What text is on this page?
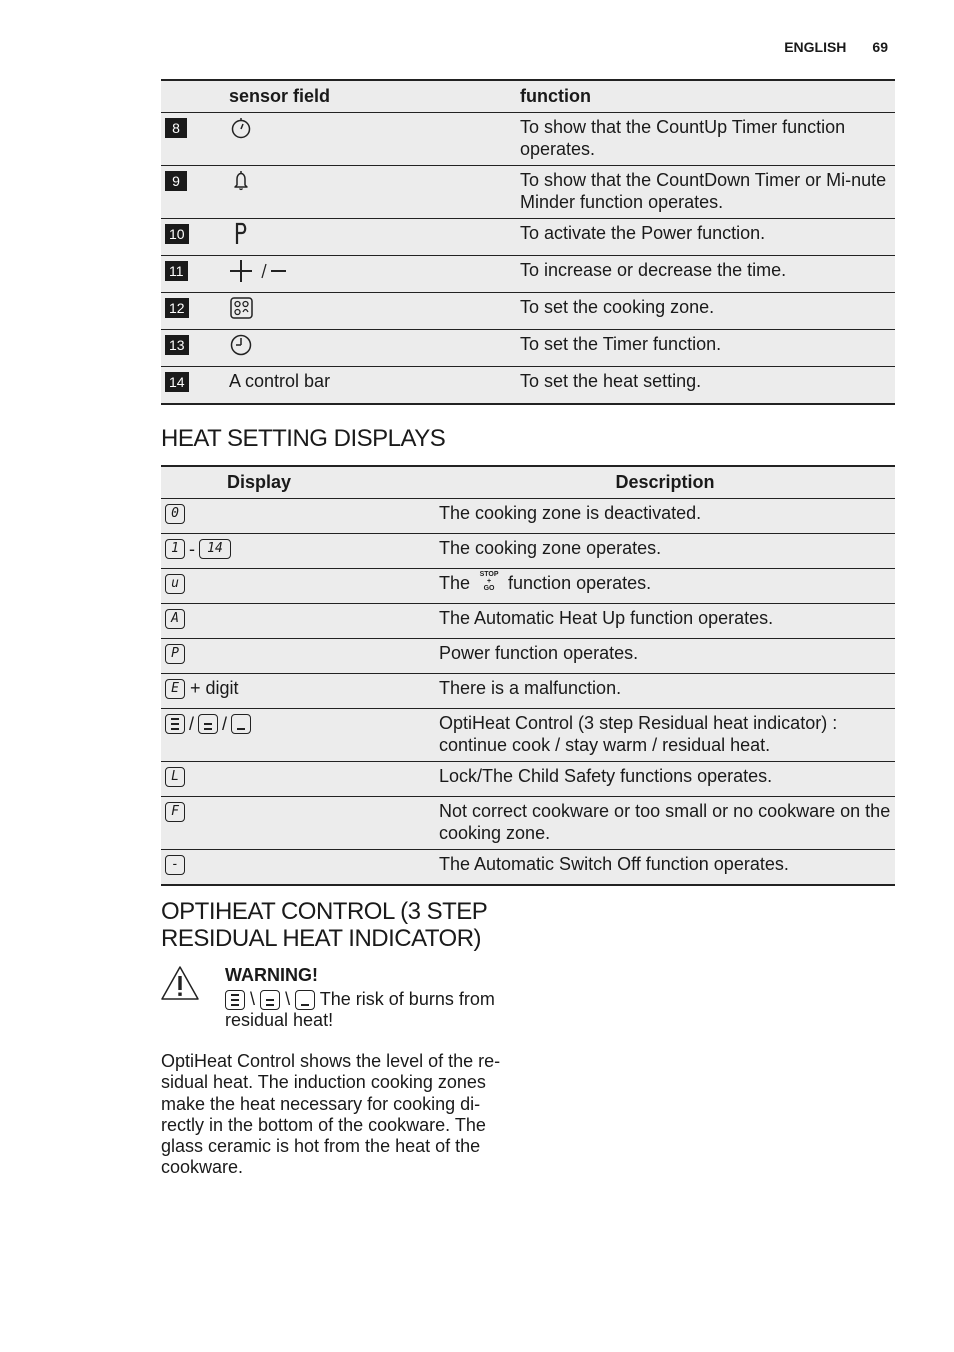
ENGLISH 69
	sensor field	function
8		To show that the CountUp Timer function operates.
9		To show that the CountDown Timer or Mi-nute Minder function operates.
10		To activate the Power function.
11		To increase or decrease the time.
12		To set the cooking zone.
13		To set the Timer function.
14	A control bar	To set the heat setting.
HEAT SETTING DISPLAYS
Display	Description
0	The cooking zone is deactivated.
1 - 14	The cooking zone operates.
u	The STOP
+
GO function operates.
A	The Automatic Heat Up function operates.
P	Power function operates.
E + digit	There is a malfunction.

/ /	OptiHeat Control (3 step Residual heat indicator) : continue cook / stay warm / residual heat.
L	Lock/The Child Safety functions operates.
F	Not correct cookware or too small or no cookware on the cooking zone.
-	The Automatic Switch Off function operates.
OPTIHEAT CONTROL (3 STEP RESIDUAL HEAT INDICATOR)
WARNING!
\ \ The risk of burns from residual heat!
OptiHeat Control shows the level of the re-sidual heat. The induction cooking zones make the heat necessary for cooking di-rectly in the bottom of the cookware. The glass ceramic is hot from the heat of the cookware.
